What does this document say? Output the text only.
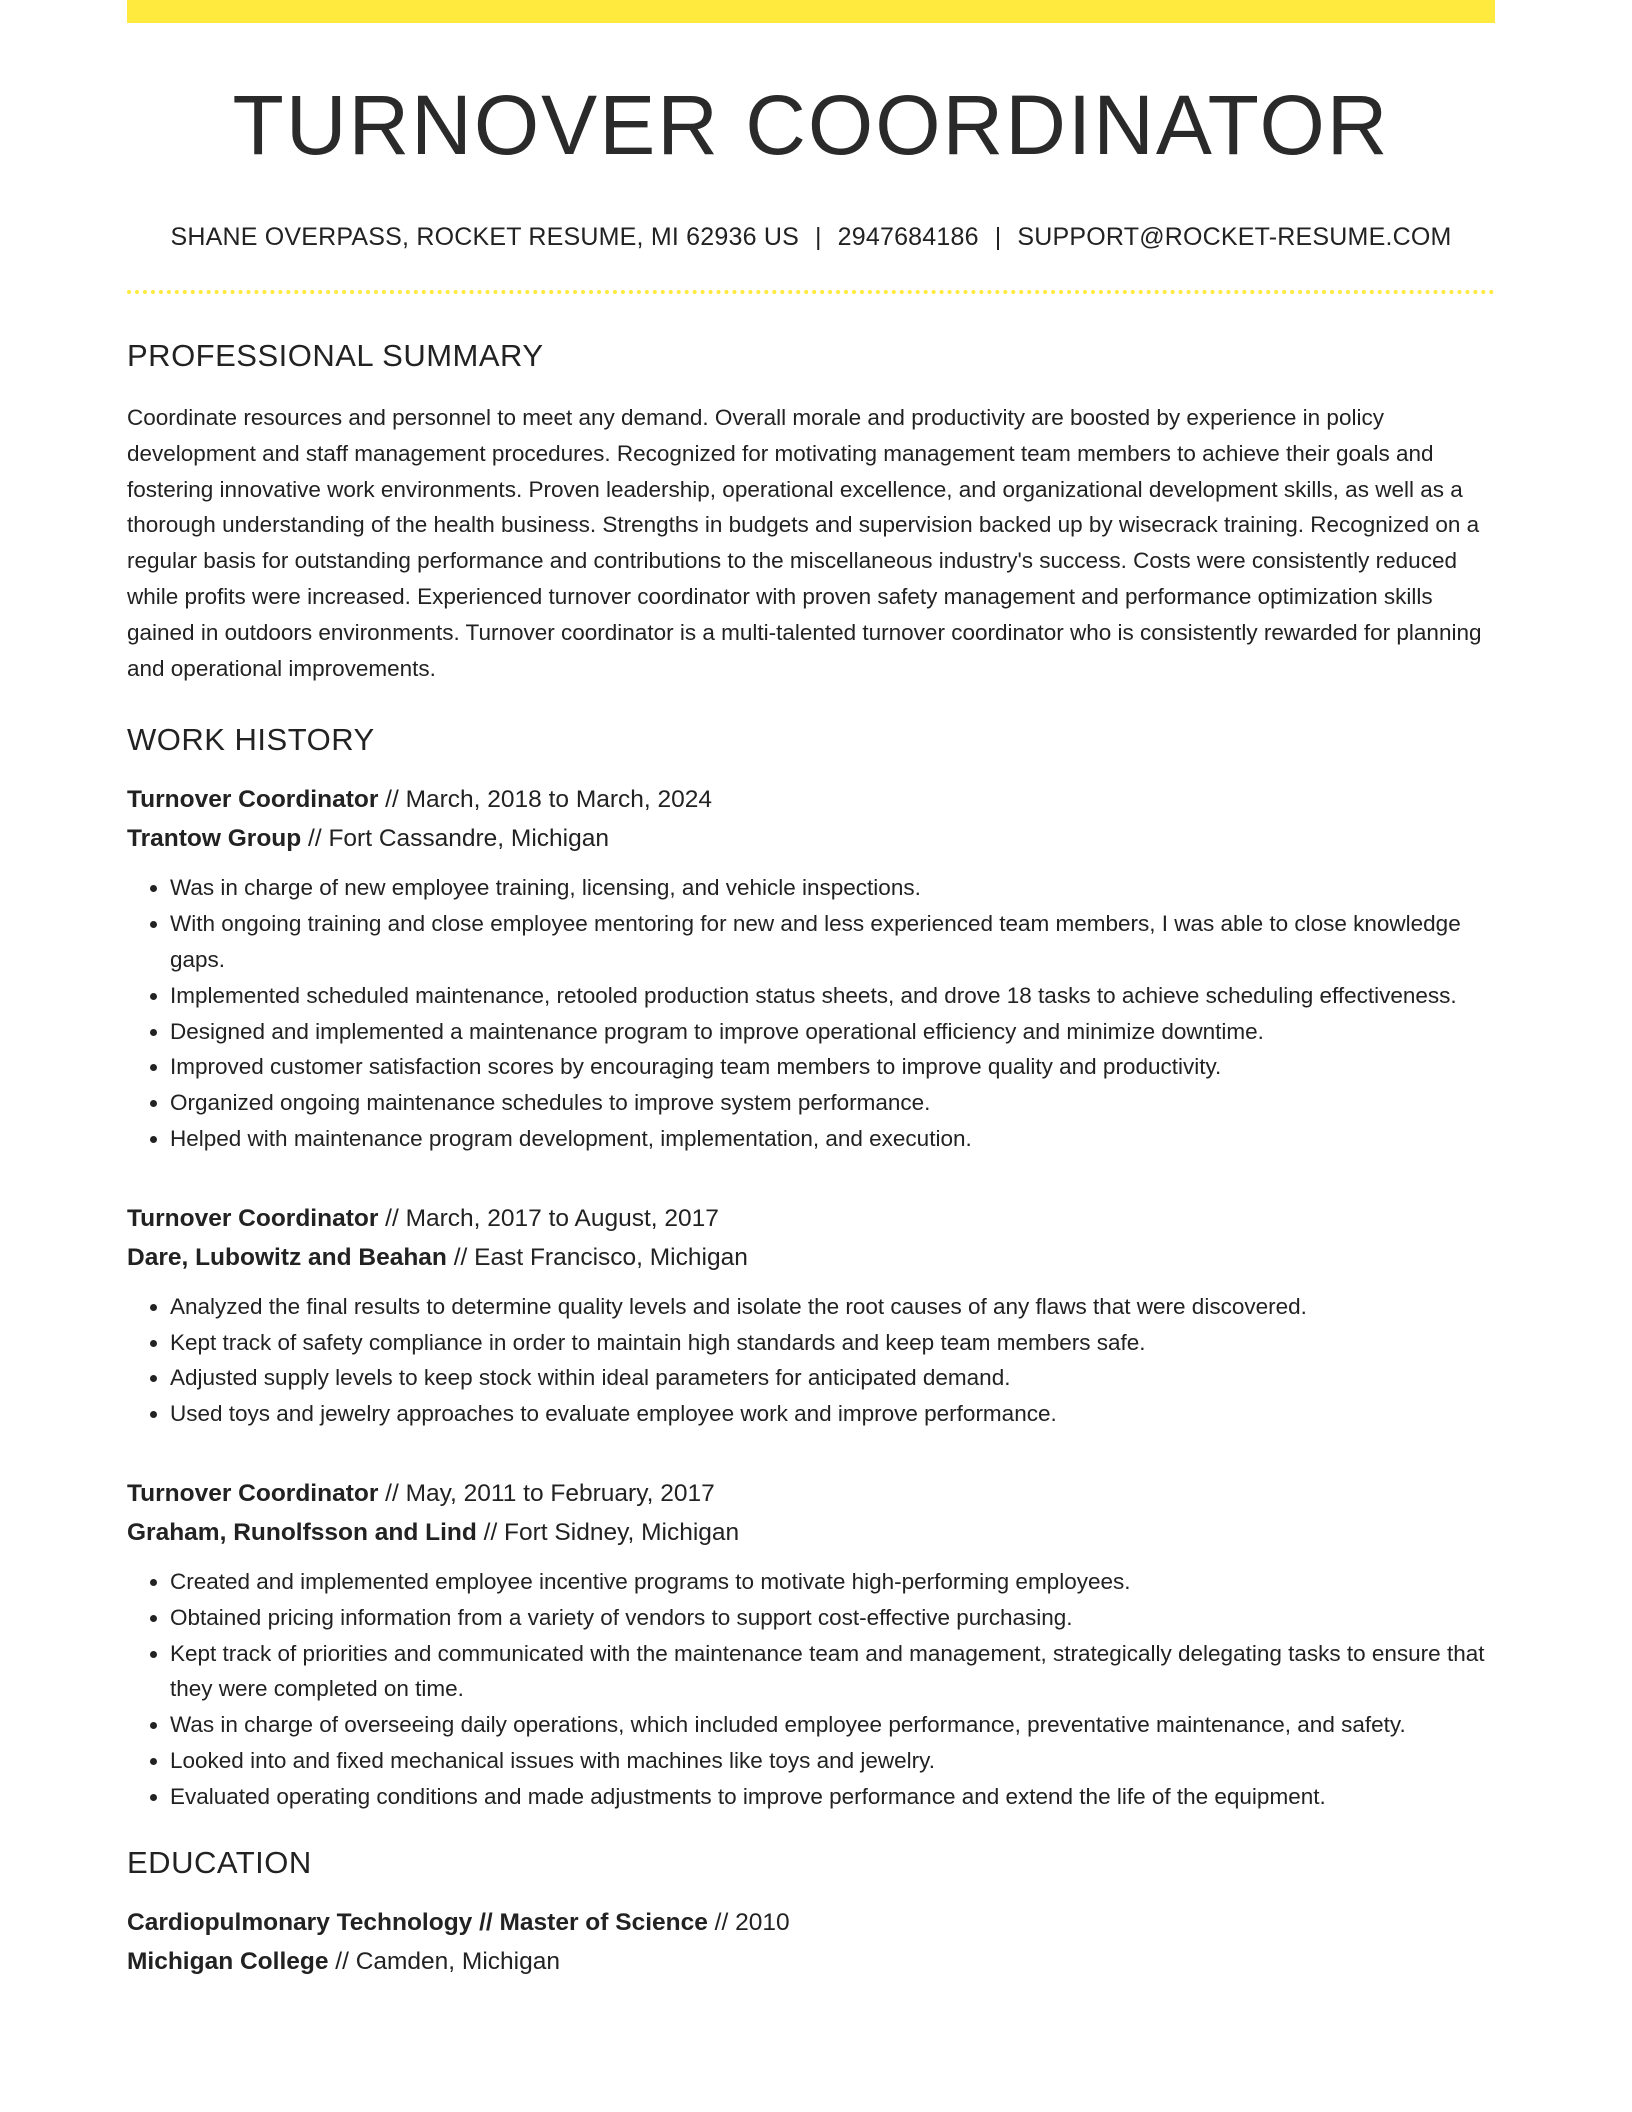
TURNOVER COORDINATOR
SHANE OVERPASS, ROCKET RESUME, MI 62936 US | 2947684186 | SUPPORT@ROCKET-RESUME.COM
PROFESSIONAL SUMMARY
Coordinate resources and personnel to meet any demand. Overall morale and productivity are boosted by experience in policy development and staff management procedures. Recognized for motivating management team members to achieve their goals and fostering innovative work environments. Proven leadership, operational excellence, and organizational development skills, as well as a thorough understanding of the health business. Strengths in budgets and supervision backed up by wisecrack training. Recognized on a regular basis for outstanding performance and contributions to the miscellaneous industry's success. Costs were consistently reduced while profits were increased. Experienced turnover coordinator with proven safety management and performance optimization skills gained in outdoors environments. Turnover coordinator is a multi-talented turnover coordinator who is consistently rewarded for planning and operational improvements.
WORK HISTORY
Turnover Coordinator // March, 2018 to March, 2024
Trantow Group // Fort Cassandre, Michigan
• Was in charge of new employee training, licensing, and vehicle inspections.
• With ongoing training and close employee mentoring for new and less experienced team members, I was able to close knowledge gaps.
• Implemented scheduled maintenance, retooled production status sheets, and drove 18 tasks to achieve scheduling effectiveness.
• Designed and implemented a maintenance program to improve operational efficiency and minimize downtime.
• Improved customer satisfaction scores by encouraging team members to improve quality and productivity.
• Organized ongoing maintenance schedules to improve system performance.
• Helped with maintenance program development, implementation, and execution.
Turnover Coordinator // March, 2017 to August, 2017
Dare, Lubowitz and Beahan // East Francisco, Michigan
• Analyzed the final results to determine quality levels and isolate the root causes of any flaws that were discovered.
• Kept track of safety compliance in order to maintain high standards and keep team members safe.
• Adjusted supply levels to keep stock within ideal parameters for anticipated demand.
• Used toys and jewelry approaches to evaluate employee work and improve performance.
Turnover Coordinator // May, 2011 to February, 2017
Graham, Runolfsson and Lind // Fort Sidney, Michigan
• Created and implemented employee incentive programs to motivate high-performing employees.
• Obtained pricing information from a variety of vendors to support cost-effective purchasing.
• Kept track of priorities and communicated with the maintenance team and management, strategically delegating tasks to ensure that they were completed on time.
• Was in charge of overseeing daily operations, which included employee performance, preventative maintenance, and safety.
• Looked into and fixed mechanical issues with machines like toys and jewelry.
• Evaluated operating conditions and made adjustments to improve performance and extend the life of the equipment.
EDUCATION
Cardiopulmonary Technology // Master of Science // 2010
Michigan College // Camden, Michigan
